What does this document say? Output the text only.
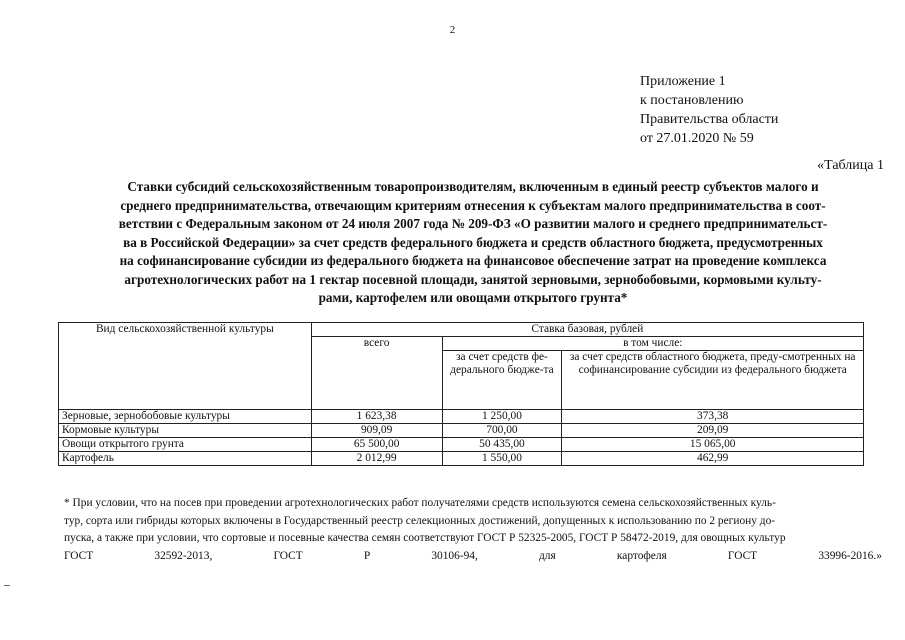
2
Приложение 1
к постановлению
Правительства области
от 27.01.2020 № 59
«Таблица 1
Ставки субсидий сельскохозяйственным товаропроизводителям, включенным в единый реестр субъектов малого и
среднего предпринимательства, отвечающим критериям отнесения к субъектам малого предпринимательства в соот-
ветствии с Федеральным законом от 24 июля 2007 года № 209-ФЗ «О развитии малого и среднего предпринимательст-
ва в Российской Федерации» за счет средств федерального бюджета и средств областного бюджета, предусмотренных
на софинансирование субсидии из федерального бюджета на финансовое обеспечение затрат на проведение комплекса
агротехнологических работ на 1 гектар посевной площади, занятой зерновыми, зернобобовыми, кормовыми культу-
рами, картофелем или овощами открытого грунта*
Вид сельскохозяйственной культуры	Ставка базовая, рублей		
	всего	в том числе:	
		за счет средств фе-дерального бюдже-та	за счет средств областного бюджета, преду-смотренных на софинансирование субсидии из федерального бюджета
Зерновые, зернобобовые культуры	1 623,38	1 250,00	373,38
Кормовые культуры	909,09	700,00	209,09
Овощи открытого грунта	65 500,00	50 435,00	15 065,00
Картофель	2 012,99	1 550,00	462,99
* При условии, что на посев при проведении агротехнологических работ получателями средств используются семена сельскохозяйственных куль-
тур, сорта или гибриды которых включены в Государственный реестр селекционных достижений, допущенных к использованию по 2 региону до-
пуска, а также при условии, что сортовые и посевные качества семян соответствуют ГОСТ Р 52325-2005, ГОСТ Р 58472-2019, для овощных культур
ГОСТ	32592-2013,	ГОСТ	Р	30106-94,	для	картофеля	ГОСТ	33996-2016.»
